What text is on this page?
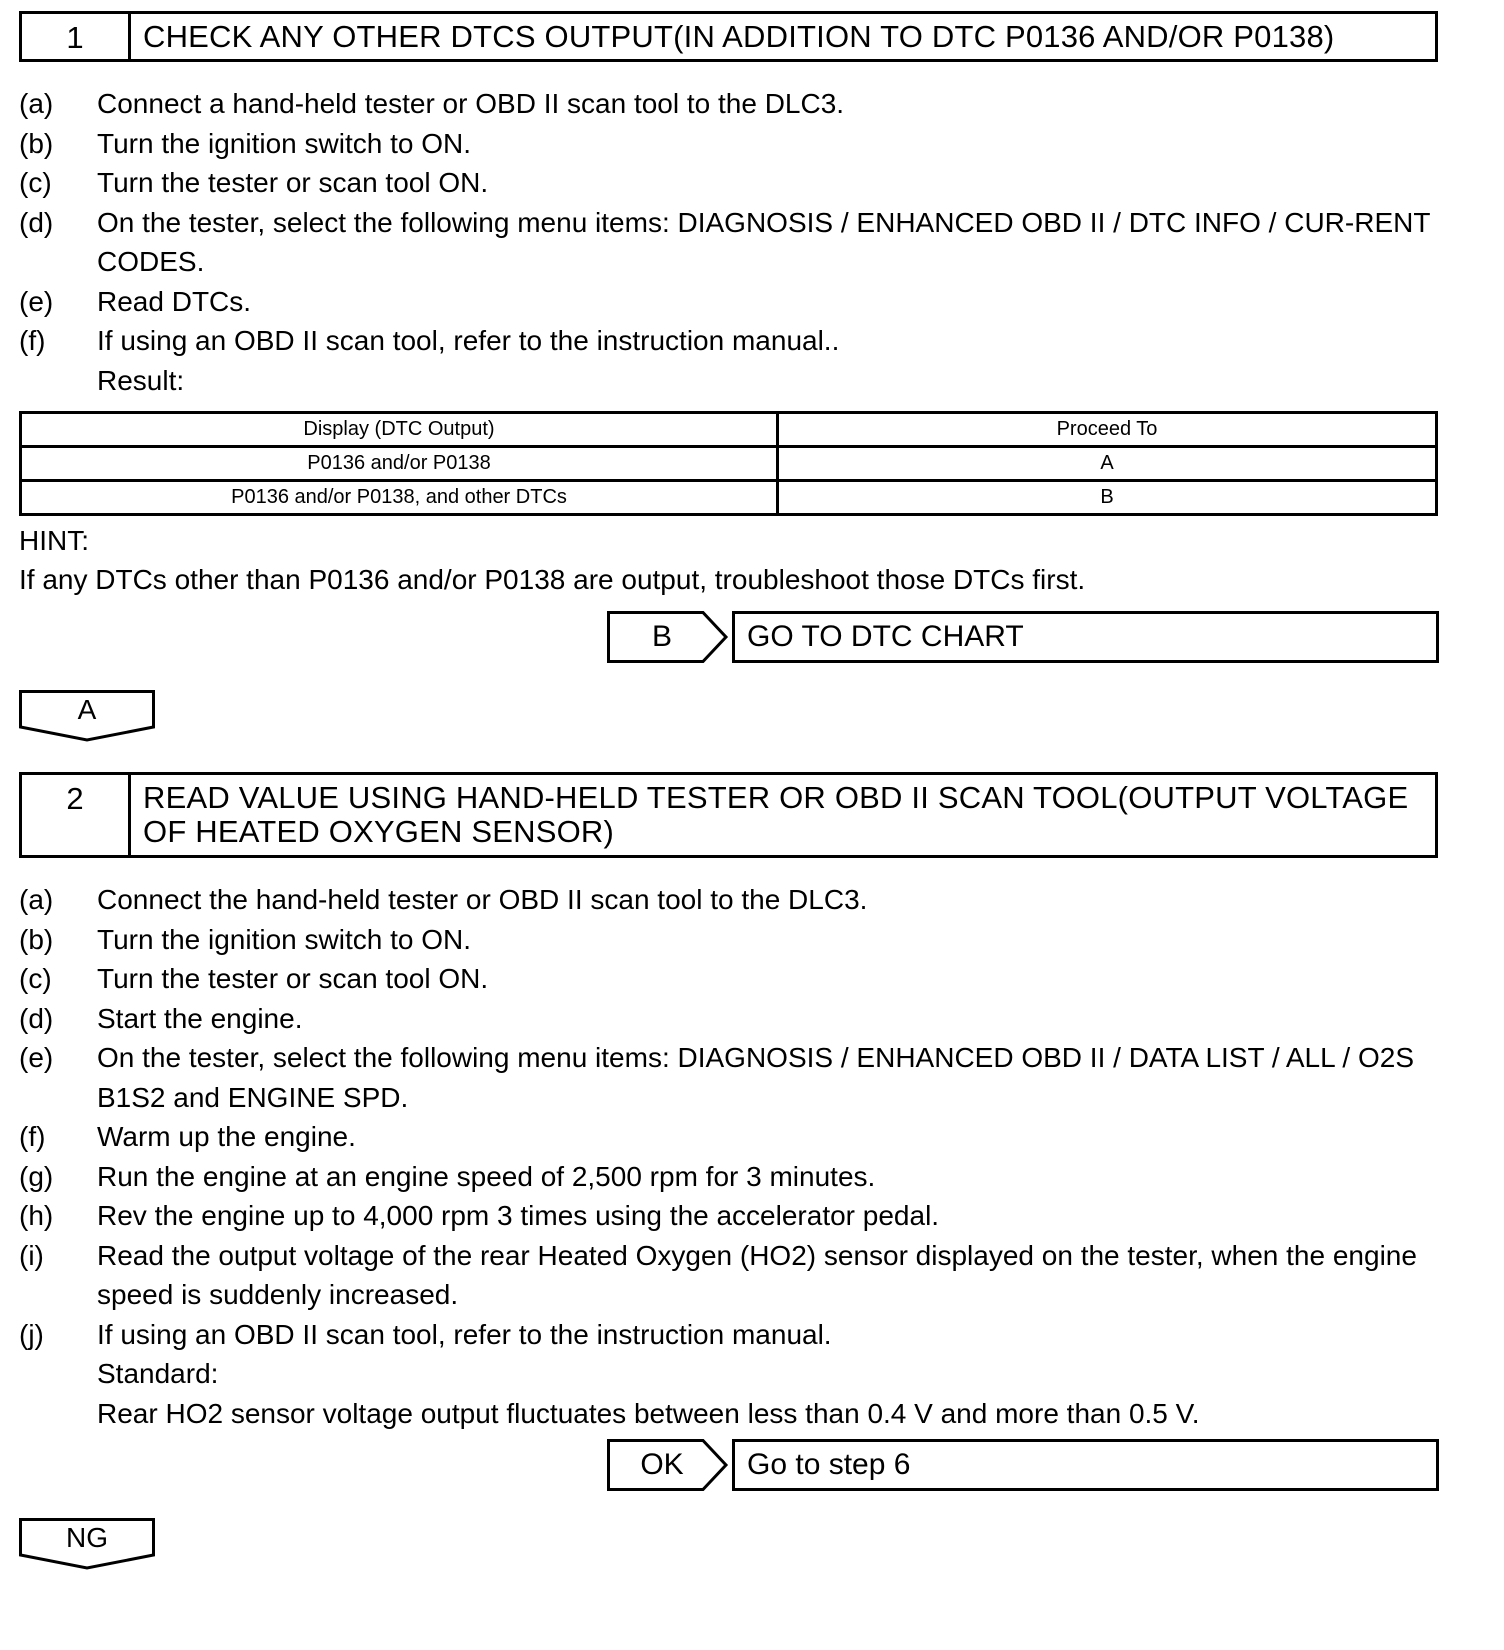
1	CHECK ANY OTHER DTCS OUTPUT(IN ADDITION TO DTC P0136 AND/OR P0138)
(a) Connect a hand-held tester or OBD II scan tool to the DLC3.
(b) Turn the ignition switch to ON.
(c) Turn the tester or scan tool ON.
(d) On the tester, select the following menu items: DIAGNOSIS / ENHANCED OBD II / DTC INFO / CUR-RENT CODES.
(e) Read DTCs.
(f) If using an OBD II scan tool, refer to the instruction manual..
Result:
Display (DTC Output)	Proceed To
P0136 and/or P0138	A
P0136 and/or P0138, and other DTCs	B
HINT:
If any DTCs other than P0136 and/or P0138 are output, troubleshoot those DTCs first.
B	GO TO DTC CHART
A
2	READ VALUE USING HAND-HELD TESTER OR OBD II SCAN TOOL(OUTPUT VOLTAGE OF HEATED OXYGEN SENSOR)
(a) Connect the hand-held tester or OBD II scan tool to the DLC3.
(b) Turn the ignition switch to ON.
(c) Turn the tester or scan tool ON.
(d) Start the engine.
(e) On the tester, select the following menu items: DIAGNOSIS / ENHANCED OBD II / DATA LIST / ALL / O2S B1S2 and ENGINE SPD.
(f) Warm up the engine.
(g) Run the engine at an engine speed of 2,500 rpm for 3 minutes.
(h) Rev the engine up to 4,000 rpm 3 times using the accelerator pedal.
(i) Read the output voltage of the rear Heated Oxygen (HO2) sensor displayed on the tester, when the engine speed is suddenly increased.
(j) If using an OBD II scan tool, refer to the instruction manual.
Standard:
Rear HO2 sensor voltage output fluctuates between less than 0.4 V and more than 0.5 V.
OK	Go to step 6
NG
